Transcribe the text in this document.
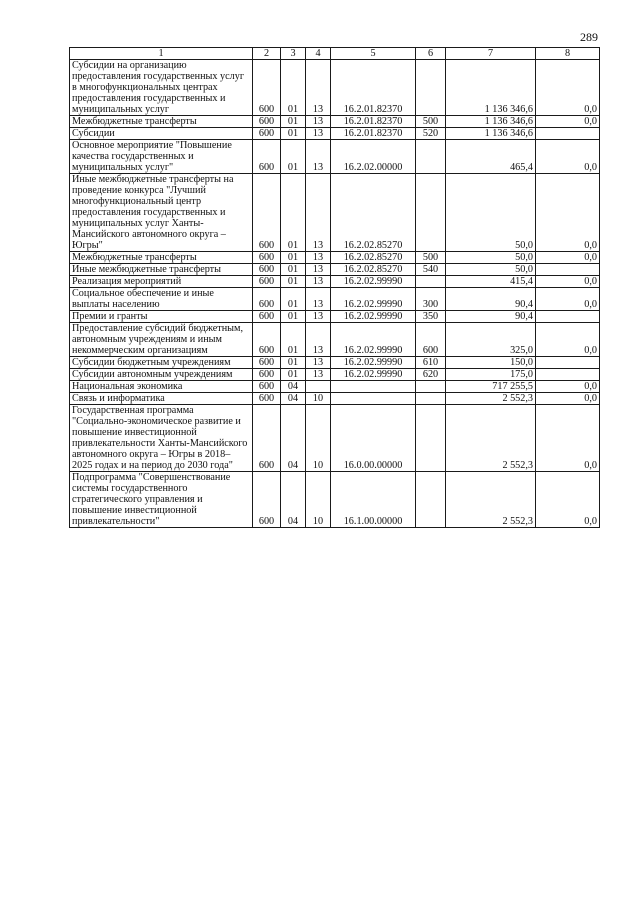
289
1	2	3	4	5	6	7	8
Субсидии на организацию предоставления государственных услуг в многофункциональных центрах предоставления государственных и муниципальных услуг	600	01	13	16.2.01.82370		1 136 346,6	0,0
Межбюджетные трансферты	600	01	13	16.2.01.82370	500	1 136 346,6	0,0
Субсидии	600	01	13	16.2.01.82370	520	1 136 346,6	
Основное мероприятие "Повышение качества государственных и муниципальных услуг"	600	01	13	16.2.02.00000		465,4	0,0
Иные межбюджетные трансферты на проведение конкурса "Лучший многофункциональный центр предоставления государственных и муниципальных услуг Ханты-Мансийского автономного округа – Югры"	600	01	13	16.2.02.85270		50,0	0,0
Межбюджетные трансферты	600	01	13	16.2.02.85270	500	50,0	0,0
Иные межбюджетные трансферты	600	01	13	16.2.02.85270	540	50,0	
Реализация мероприятий	600	01	13	16.2.02.99990		415,4	0,0
Социальное обеспечение и иные выплаты населению	600	01	13	16.2.02.99990	300	90,4	0,0
Премии и гранты	600	01	13	16.2.02.99990	350	90,4	
Предоставление субсидий бюджетным, автономным учреждениям и иным некоммерческим организациям	600	01	13	16.2.02.99990	600	325,0	0,0
Субсидии бюджетным учреждениям	600	01	13	16.2.02.99990	610	150,0	
Субсидии автономным учреждениям	600	01	13	16.2.02.99990	620	175,0	
Национальная экономика	600	04				717 255,5	0,0
Связь и информатика	600	04	10			2 552,3	0,0
Государственная программа "Социально-экономическое развитие и повышение инвестиционной привлекательности Ханты-Мансийского автономного округа – Югры в 2018– 2025 годах и на период до 2030 года"	600	04	10	16.0.00.00000		2 552,3	0,0
Подпрограмма "Совершенствование системы государственного стратегического управления и повышение инвестиционной привлекательности"	600	04	10	16.1.00.00000		2 552,3	0,0
